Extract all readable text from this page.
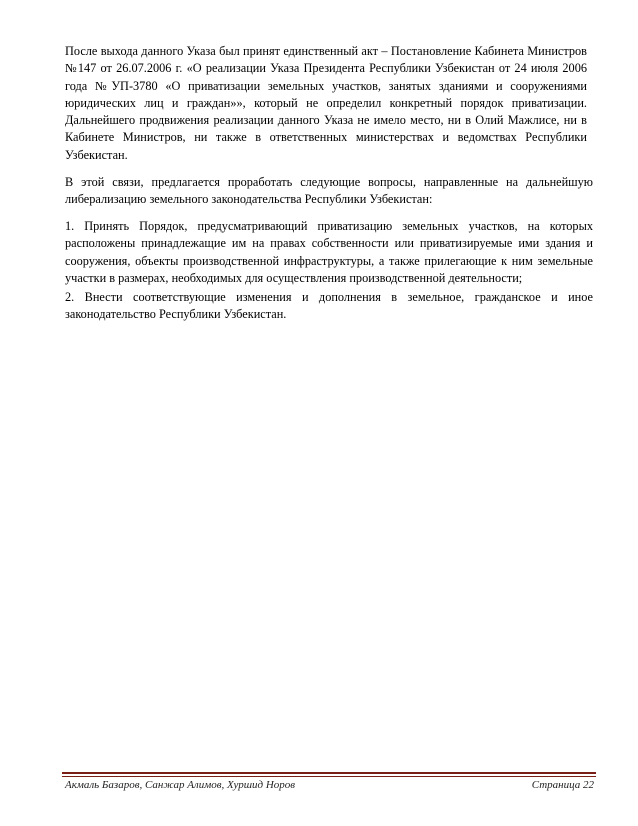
После выхода данного Указа был принят единственный акт – Постановление Кабинета Министров №147 от 26.07.2006 г. «О реализации Указа Президента Республики Узбекистан от 24 июля 2006 года №УП-3780 «О приватизации земельных участков, занятых зданиями и сооружениями юридических лиц и граждан»», который не определил конкретный порядок приватизации. Дальнейшего продвижения реализации данного Указа не имело место, ни в Олий Мажлисе, ни в Кабинете Министров, ни также в ответственных министерствах и ведомствах Республики Узбекистан.

В этой связи, предлагается проработать следующие вопросы, направленные на дальнейшую либерализацию земельного законодательства Республики Узбекистан:

1. Принять Порядок, предусматривающий приватизацию земельных участков, на которых расположены принадлежащие им на правах собственности или приватизируемые ими здания и сооружения, объекты производственной инфраструктуры, а также прилегающие к ним земельные участки в размерах, необходимых для осуществления производственной деятельности;

2. Внести соответствующие изменения и дополнения в земельное, гражданское и иное законодательство Республики Узбекистан.

Акмаль Базаров, Санжар Алимов, Хуршид Норов	Страница 22
